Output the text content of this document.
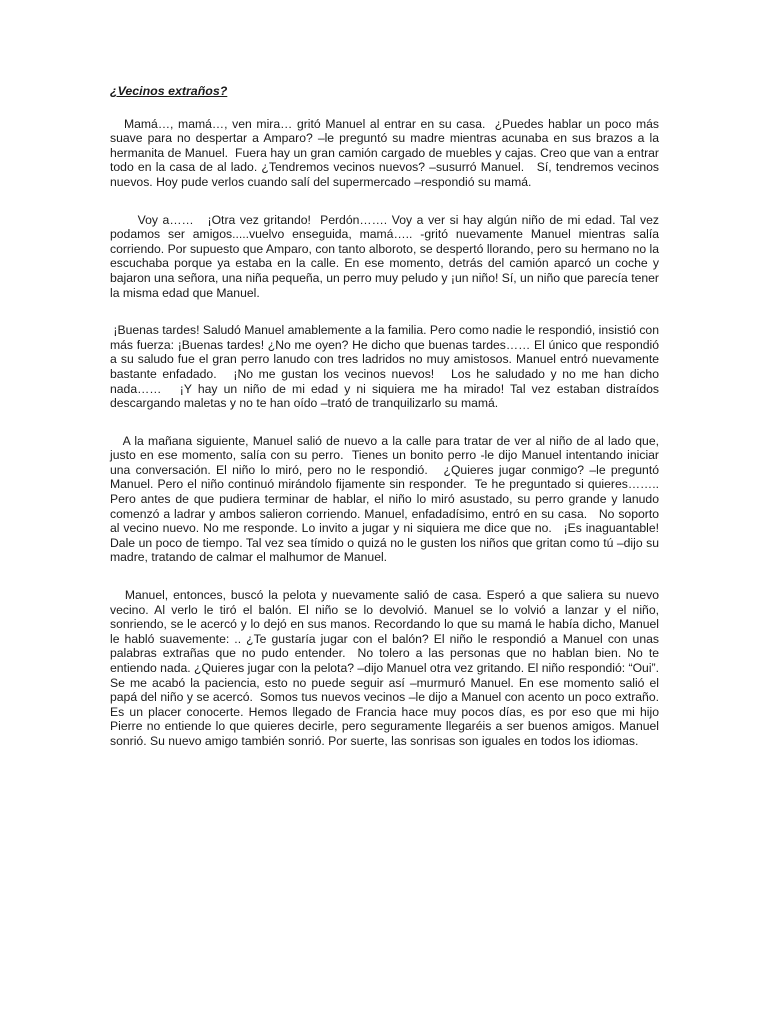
¿Vecinos extraños?

Mamá…, mamá…, ven mira… gritó Manuel al entrar en su casa.  ¿Puedes hablar un poco más suave para no despertar a Amparo? –le preguntó su madre mientras acunaba en sus brazos a la hermanita de Manuel.  Fuera hay un gran camión cargado de muebles y cajas. Creo que van a entrar todo en la casa de al lado. ¿Tendremos vecinos nuevos? –susurró Manuel.   Sí, tendremos vecinos nuevos. Hoy pude verlos cuando salí del supermercado –respondió su mamá.

Voy a……   ¡Otra vez gritando!  Perdón……. Voy a ver si hay algún niño de mi edad. Tal vez podamos ser amigos.....vuelvo enseguida, mamá….. -gritó nuevamente Manuel mientras salía corriendo. Por supuesto que Amparo, con tanto alboroto, se despertó llorando, pero su hermano no la escuchaba porque ya estaba en la calle. En ese momento, detrás del camión aparcó un coche y bajaron una señora, una niña pequeña, un perro muy peludo y ¡un niño! Sí, un niño que parecía tener la misma edad que Manuel.

¡Buenas tardes! Saludó Manuel amablemente a la familia. Pero como nadie le respondió, insistió con más fuerza: ¡Buenas tardes! ¿No me oyen? He dicho que buenas tardes…… El único que respondió a su saludo fue el gran perro lanudo con tres ladridos no muy amistosos. Manuel entró nuevamente bastante enfadado.   ¡No me gustan los vecinos nuevos!   Los he saludado y no me han dicho nada……   ¡Y hay un niño de mi edad y ni siquiera me ha mirado! Tal vez estaban distraídos descargando maletas y no te han oído –trató de tranquilizarlo su mamá.

A la mañana siguiente, Manuel salió de nuevo a la calle para tratar de ver al niño de al lado que, justo en ese momento, salía con su perro.  Tienes un bonito perro -le dijo Manuel intentando iniciar una conversación. El niño lo miró, pero no le respondió.   ¿Quieres jugar conmigo? –le preguntó Manuel. Pero el niño continuó mirándolo fijamente sin responder.  Te he preguntado si quieres…….. Pero antes de que pudiera terminar de hablar, el niño lo miró asustado, su perro grande y lanudo comenzó a ladrar y ambos salieron corriendo. Manuel, enfadadísimo, entró en su casa.   No soporto al vecino nuevo. No me responde. Lo invito a jugar y ni siquiera me dice que no.   ¡Es inaguantable!   Dale un poco de tiempo. Tal vez sea tímido o quizá no le gusten los niños que gritan como tú –dijo su madre, tratando de calmar el malhumor de Manuel.

Manuel, entonces, buscó la pelota y nuevamente salió de casa. Esperó a que saliera su nuevo vecino. Al verlo le tiró el balón. El niño se lo devolvió. Manuel se lo volvió a lanzar y el niño, sonriendo, se le acercó y lo dejó en sus manos. Recordando lo que su mamá le había dicho, Manuel le habló suavemente: .. ¿Te gustaría jugar con el balón? El niño le respondió a Manuel con unas palabras extrañas que no pudo entender.  No tolero a las personas que no hablan bien. No te entiendo nada. ¿Quieres jugar con la pelota? –dijo Manuel otra vez gritando. El niño respondió: “Oui”. Se me acabó la paciencia, esto no puede seguir así –murmuró Manuel. En ese momento salió el papá del niño y se acercó.  Somos tus nuevos vecinos –le dijo a Manuel con acento un poco extraño. Es un placer conocerte. Hemos llegado de Francia hace muy pocos días, es por eso que mi hijo Pierre no entiende lo que quieres decirle, pero seguramente llegaréis a ser buenos amigos. Manuel sonrió. Su nuevo amigo también sonrió. Por suerte, las sonrisas son iguales en todos los idiomas.
